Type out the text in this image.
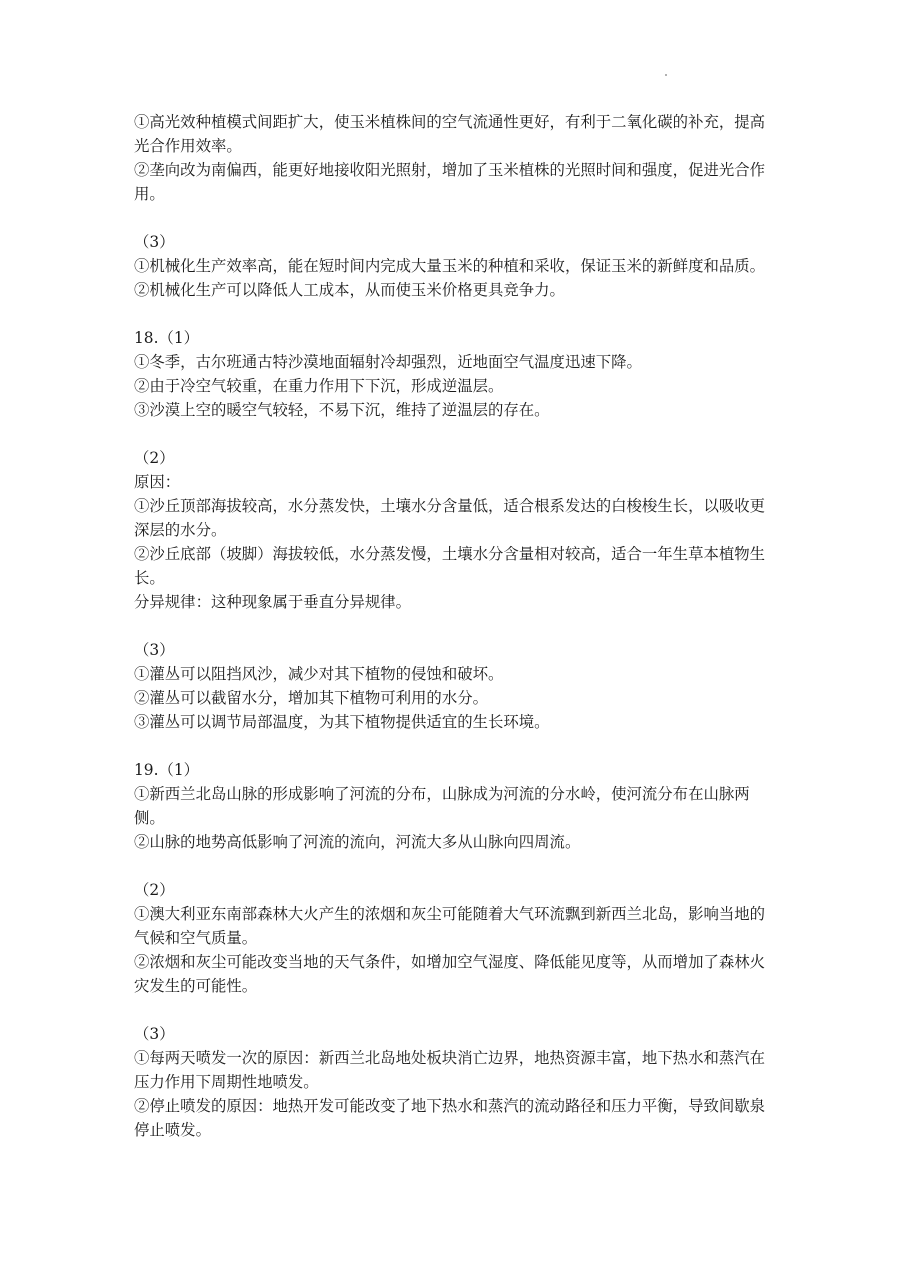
①高光效种植模式间距扩大，使玉米植株间的空气流通性更好，有利于二氧化碳的补充，提高光合作用效率。

②垄向改为南偏西，能更好地接收阳光照射，增加了玉米植株的光照时间和强度，促进光合作用。

（3）

①机械化生产效率高，能在短时间内完成大量玉米的种植和采收，保证玉米的新鲜度和品质。

②机械化生产可以降低人工成本，从而使玉米价格更具竞争力。

18.（1）

①冬季，古尔班通古特沙漠地面辐射冷却强烈，近地面空气温度迅速下降。

②由于冷空气较重，在重力作用下下沉，形成逆温层。

③沙漠上空的暖空气较轻，不易下沉，维持了逆温层的存在。

（2）

原因：

①沙丘顶部海拔较高，水分蒸发快，土壤水分含量低，适合根系发达的白梭梭生长，以吸收更深层的水分。

②沙丘底部（坡脚）海拔较低，水分蒸发慢，土壤水分含量相对较高，适合一年生草本植物生长。

分异规律：这种现象属于垂直分异规律。

（3）

①灌丛可以阻挡风沙，减少对其下植物的侵蚀和破坏。

②灌丛可以截留水分，增加其下植物可利用的水分。

③灌丛可以调节局部温度，为其下植物提供适宜的生长环境。

19.（1）

①新西兰北岛山脉的形成影响了河流的分布，山脉成为河流的分水岭，使河流分布在山脉两侧。

②山脉的地势高低影响了河流的流向，河流大多从山脉向四周流。

（2）

①澳大利亚东南部森林大火产生的浓烟和灰尘可能随着大气环流飘到新西兰北岛，影响当地的气候和空气质量。

②浓烟和灰尘可能改变当地的天气条件，如增加空气湿度、降低能见度等，从而增加了森林火灾发生的可能性。

（3）

①每两天喷发一次的原因：新西兰北岛地处板块消亡边界，地热资源丰富，地下热水和蒸汽在压力作用下周期性地喷发。

②停止喷发的原因：地热开发可能改变了地下热水和蒸汽的流动路径和压力平衡，导致间歇泉停止喷发。
